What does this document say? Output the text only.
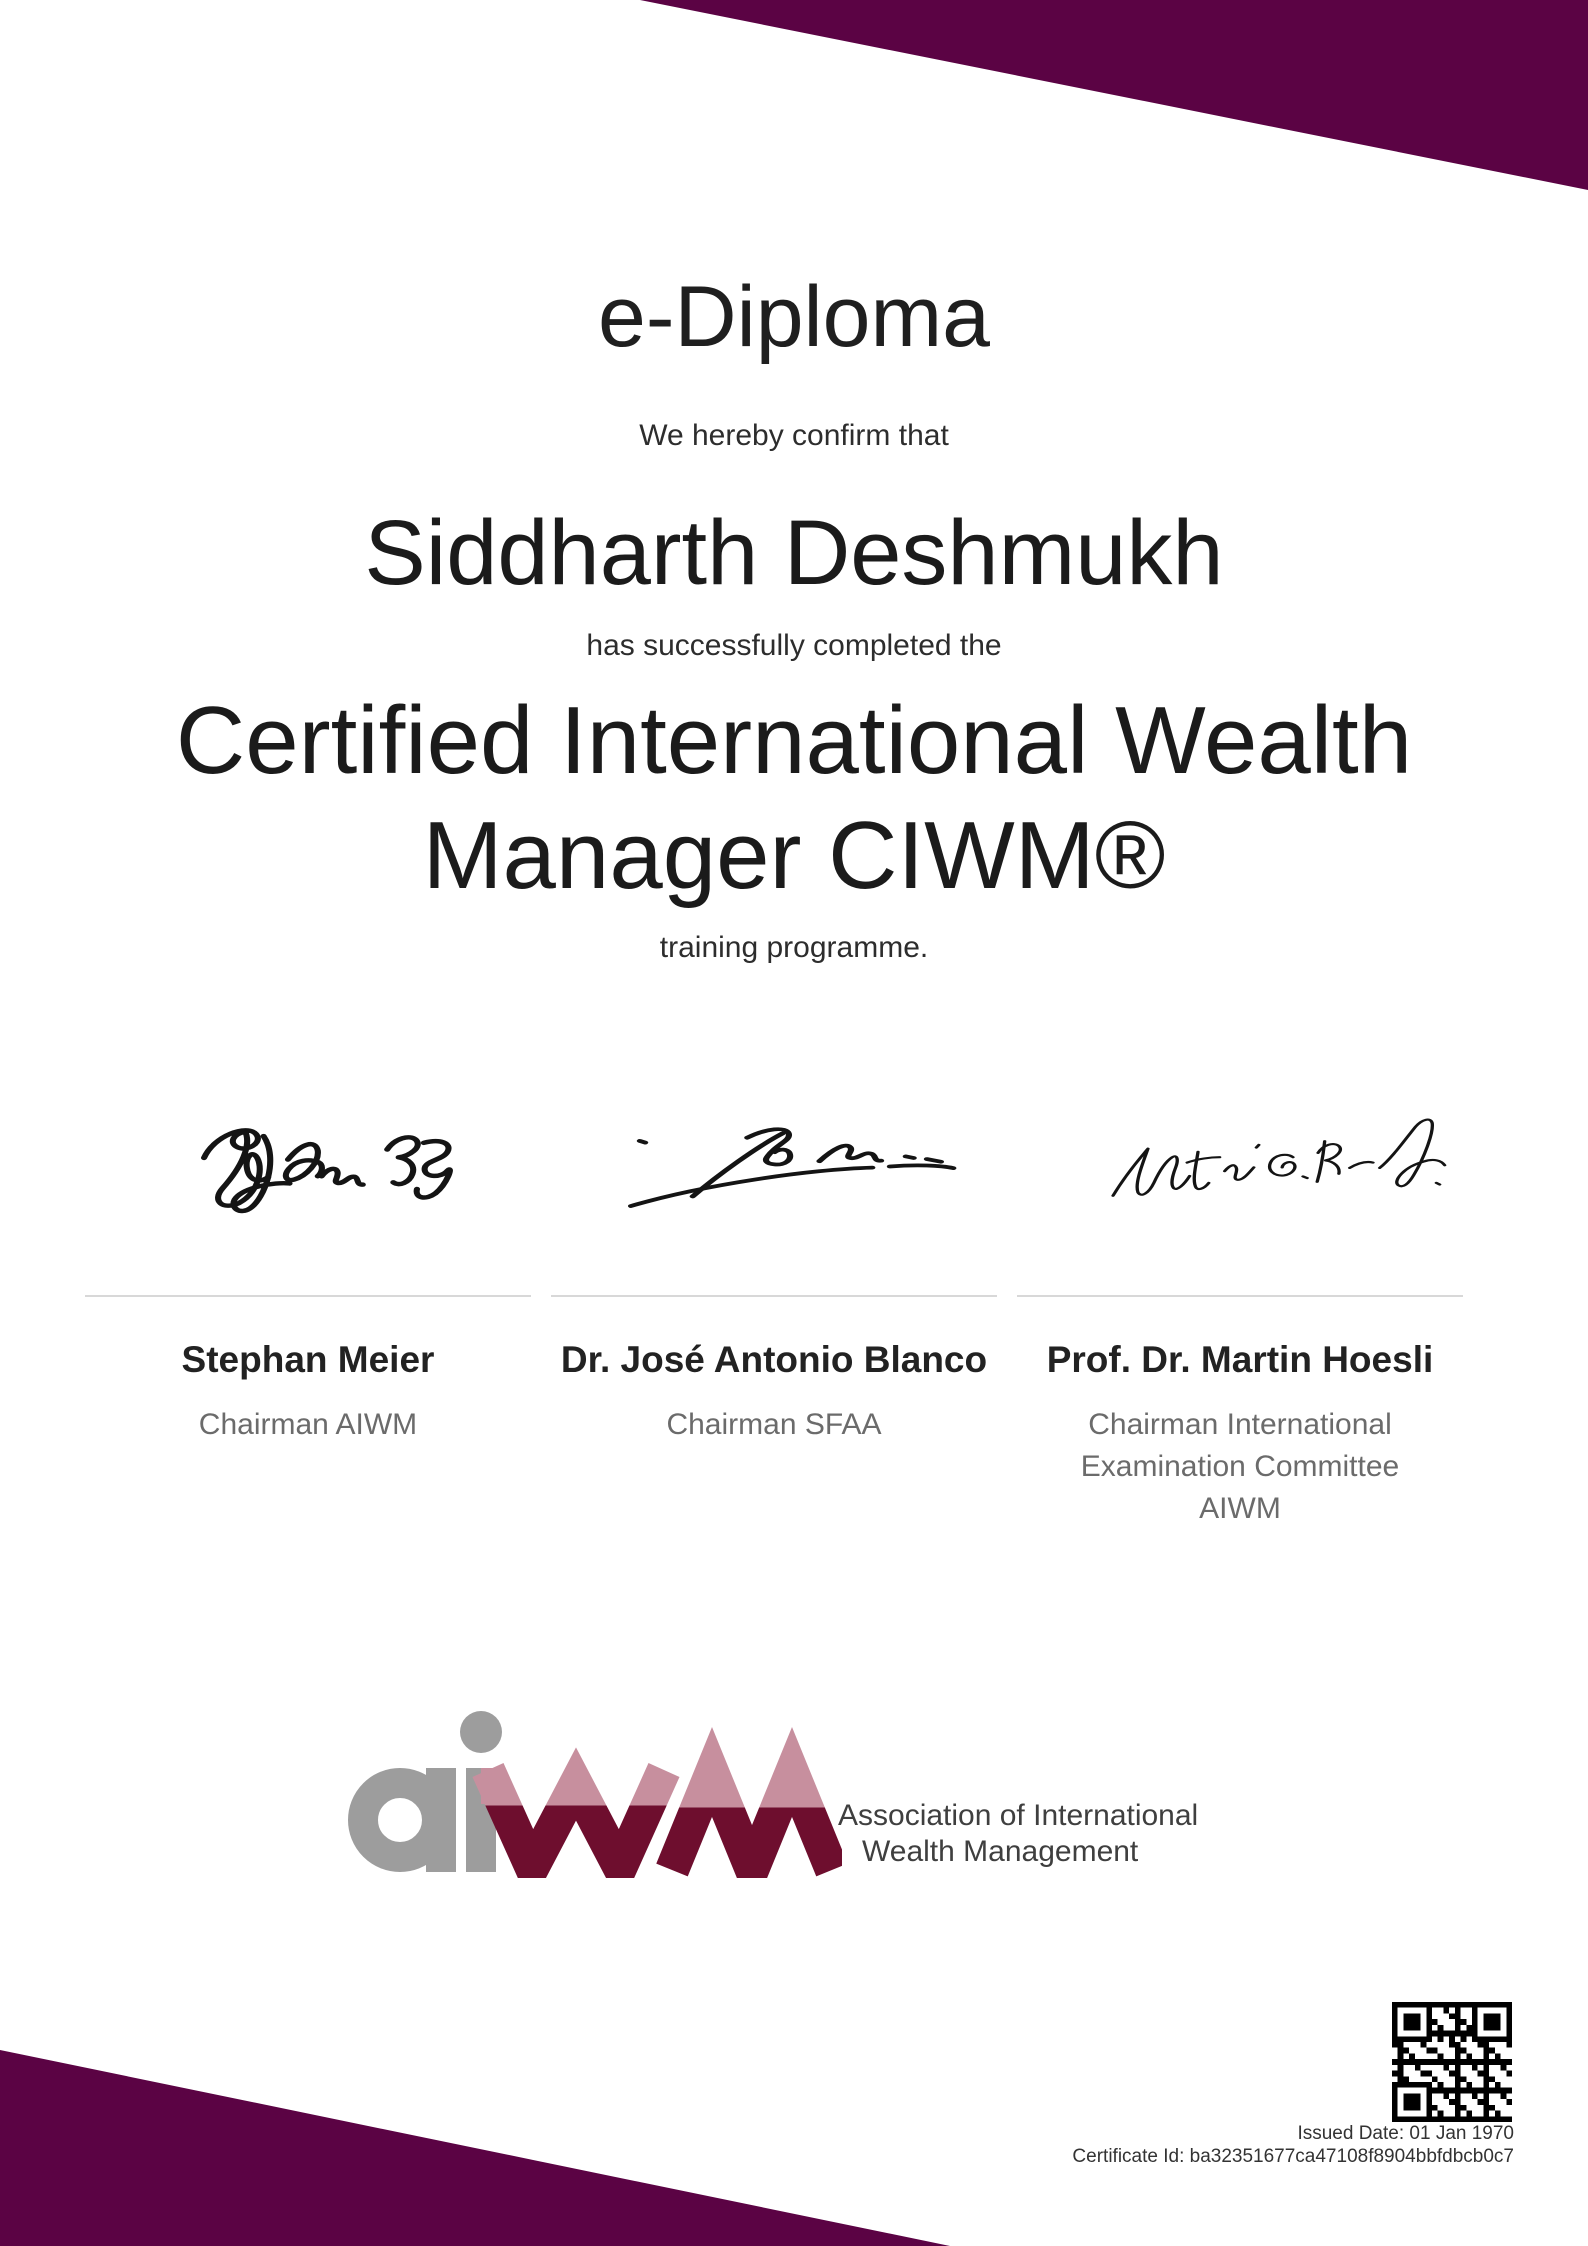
e-Diploma
We hereby confirm that
Siddharth Deshmukh
has successfully completed the
Certified International Wealth Manager CIWM®
training programme.
Stephan Meier
Chairman AIWM
Dr. José Antonio Blanco
Chairman SFAA
Prof. Dr. Martin Hoesli
Chairman International Examination Committee AIWM
Association of International
Wealth Management
Issued Date: 01 Jan 1970
Certificate Id: ba32351677ca47108f8904bbfdbcb0c7
